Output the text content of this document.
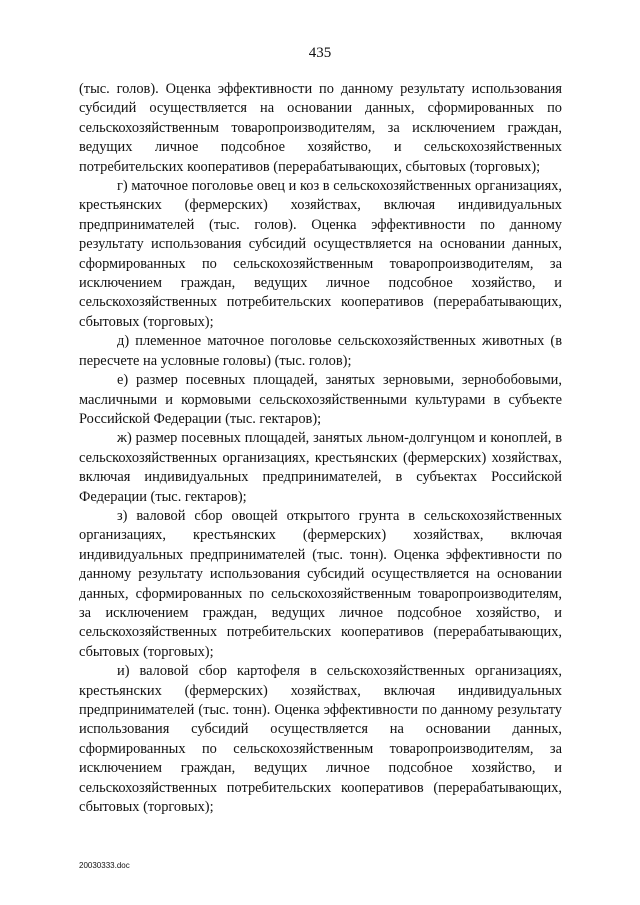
435

(тыс. голов). Оценка эффективности по данному результату использования субсидий осуществляется на основании данных, сформированных по сельскохозяйственным товаропроизводителям, за исключением граждан, ведущих личное подсобное хозяйство, и сельскохозяйственных потребительских кооперативов (перерабатывающих, сбытовых (торговых);

г) маточное поголовье овец и коз в сельскохозяйственных организациях, крестьянских (фермерских) хозяйствах, включая индивидуальных предпринимателей (тыс. голов). Оценка эффективности по данному результату использования субсидий осуществляется на основании данных, сформированных по сельскохозяйственным товаропроизводителям, за исключением граждан, ведущих личное подсобное хозяйство, и сельскохозяйственных потребительских кооперативов (перерабатывающих, сбытовых (торговых);

д) племенное маточное поголовье сельскохозяйственных животных (в пересчете на условные головы) (тыс. голов);

е) размер посевных площадей, занятых зерновыми, зернобобовыми, масличными и кормовыми сельскохозяйственными культурами в субъекте Российской Федерации (тыс. гектаров);

ж) размер посевных площадей, занятых льном-долгунцом и коноплей, в сельскохозяйственных организациях, крестьянских (фермерских) хозяйствах, включая индивидуальных предпринимателей, в субъектах Российской Федерации (тыс. гектаров);

з) валовой сбор овощей открытого грунта в сельскохозяйственных организациях, крестьянских (фермерских) хозяйствах, включая индивидуальных предпринимателей (тыс. тонн). Оценка эффективности по данному результату использования субсидий осуществляется на основании данных, сформированных по сельскохозяйственным товаропроизводителям, за исключением граждан, ведущих личное подсобное хозяйство, и сельскохозяйственных потребительских кооперативов (перерабатывающих, сбытовых (торговых);

и) валовой сбор картофеля в сельскохозяйственных организациях, крестьянских (фермерских) хозяйствах, включая индивидуальных предпринимателей (тыс. тонн). Оценка эффективности по данному результату использования субсидий осуществляется на основании данных, сформированных по сельскохозяйственным товаропроизводителям, за исключением граждан, ведущих личное подсобное хозяйство, и сельскохозяйственных потребительских кооперативов (перерабатывающих, сбытовых (торговых);

20030333.doc
